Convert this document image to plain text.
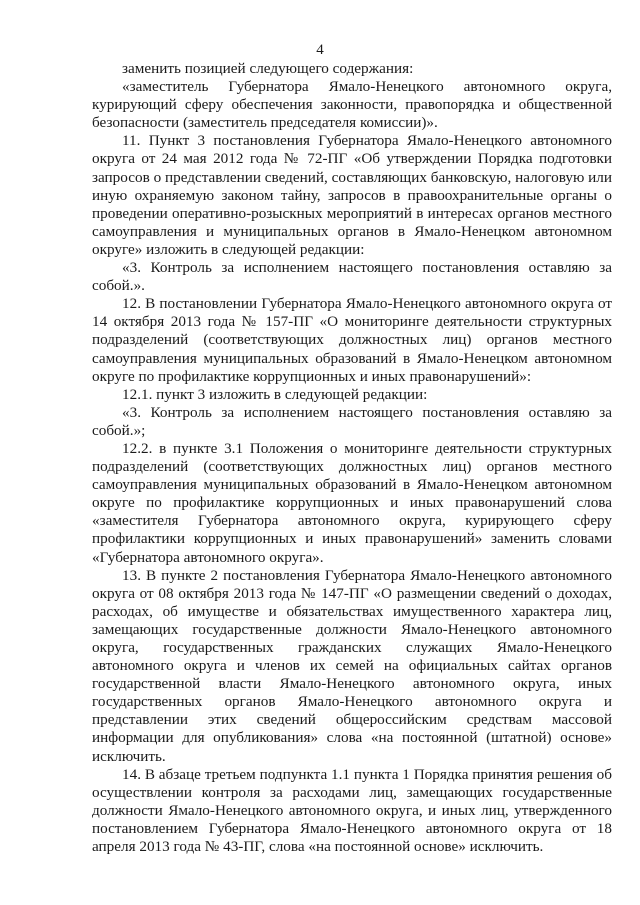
4

заменить позицией следующего содержания:

«заместитель Губернатора Ямало-Ненецкого автономного округа, курирующий сферу обеспечения законности, правопорядка и общественной безопасности (заместитель председателя комиссии)».

11. Пункт 3 постановления Губернатора Ямало-Ненецкого автономного округа от 24 мая 2012 года № 72-ПГ «Об утверждении Порядка подготовки запросов о представлении сведений, составляющих банковскую, налоговую или иную охраняемую законом тайну, запросов в правоохранительные органы о проведении оперативно-розыскных мероприятий в интересах органов местного самоуправления и муниципальных органов в Ямало-Ненецком автономном округе» изложить в следующей редакции:

«3. Контроль за исполнением настоящего постановления оставляю за собой.».

12. В постановлении Губернатора Ямало-Ненецкого автономного округа от 14 октября 2013 года № 157-ПГ «О мониторинге деятельности структурных подразделений (соответствующих должностных лиц) органов местного самоуправления муниципальных образований в Ямало-Ненецком автономном округе по профилактике коррупционных и иных правонарушений»:

12.1. пункт 3 изложить в следующей редакции:

«3. Контроль за исполнением настоящего постановления оставляю за собой.»;

12.2. в пункте 3.1 Положения о мониторинге деятельности структурных подразделений (соответствующих должностных лиц) органов местного самоуправления муниципальных образований в Ямало-Ненецком автономном округе по профилактике коррупционных и иных правонарушений слова «заместителя Губернатора автономного округа, курирующего сферу профилактики коррупционных и иных правонарушений» заменить словами «Губернатора автономного округа».

13. В пункте 2 постановления Губернатора Ямало-Ненецкого автономного округа от 08 октября 2013 года № 147-ПГ «О размещении сведений о доходах, расходах, об имуществе и обязательствах имущественного характера лиц, замещающих государственные должности Ямало-Ненецкого автономного округа, государственных гражданских служащих Ямало-Ненецкого автономного округа и членов их семей на официальных сайтах органов государственной власти Ямало-Ненецкого автономного округа, иных государственных органов Ямало-Ненецкого автономного округа и представлении этих сведений общероссийским средствам массовой информации для опубликования» слова «на постоянной (штатной) основе» исключить.

14. В абзаце третьем подпункта 1.1 пункта 1 Порядка принятия решения об осуществлении контроля за расходами лиц, замещающих государственные должности Ямало-Ненецкого автономного округа, и иных лиц, утвержденного постановлением Губернатора Ямало-Ненецкого автономного округа от 18 апреля 2013 года № 43-ПГ, слова «на постоянной основе» исключить.
